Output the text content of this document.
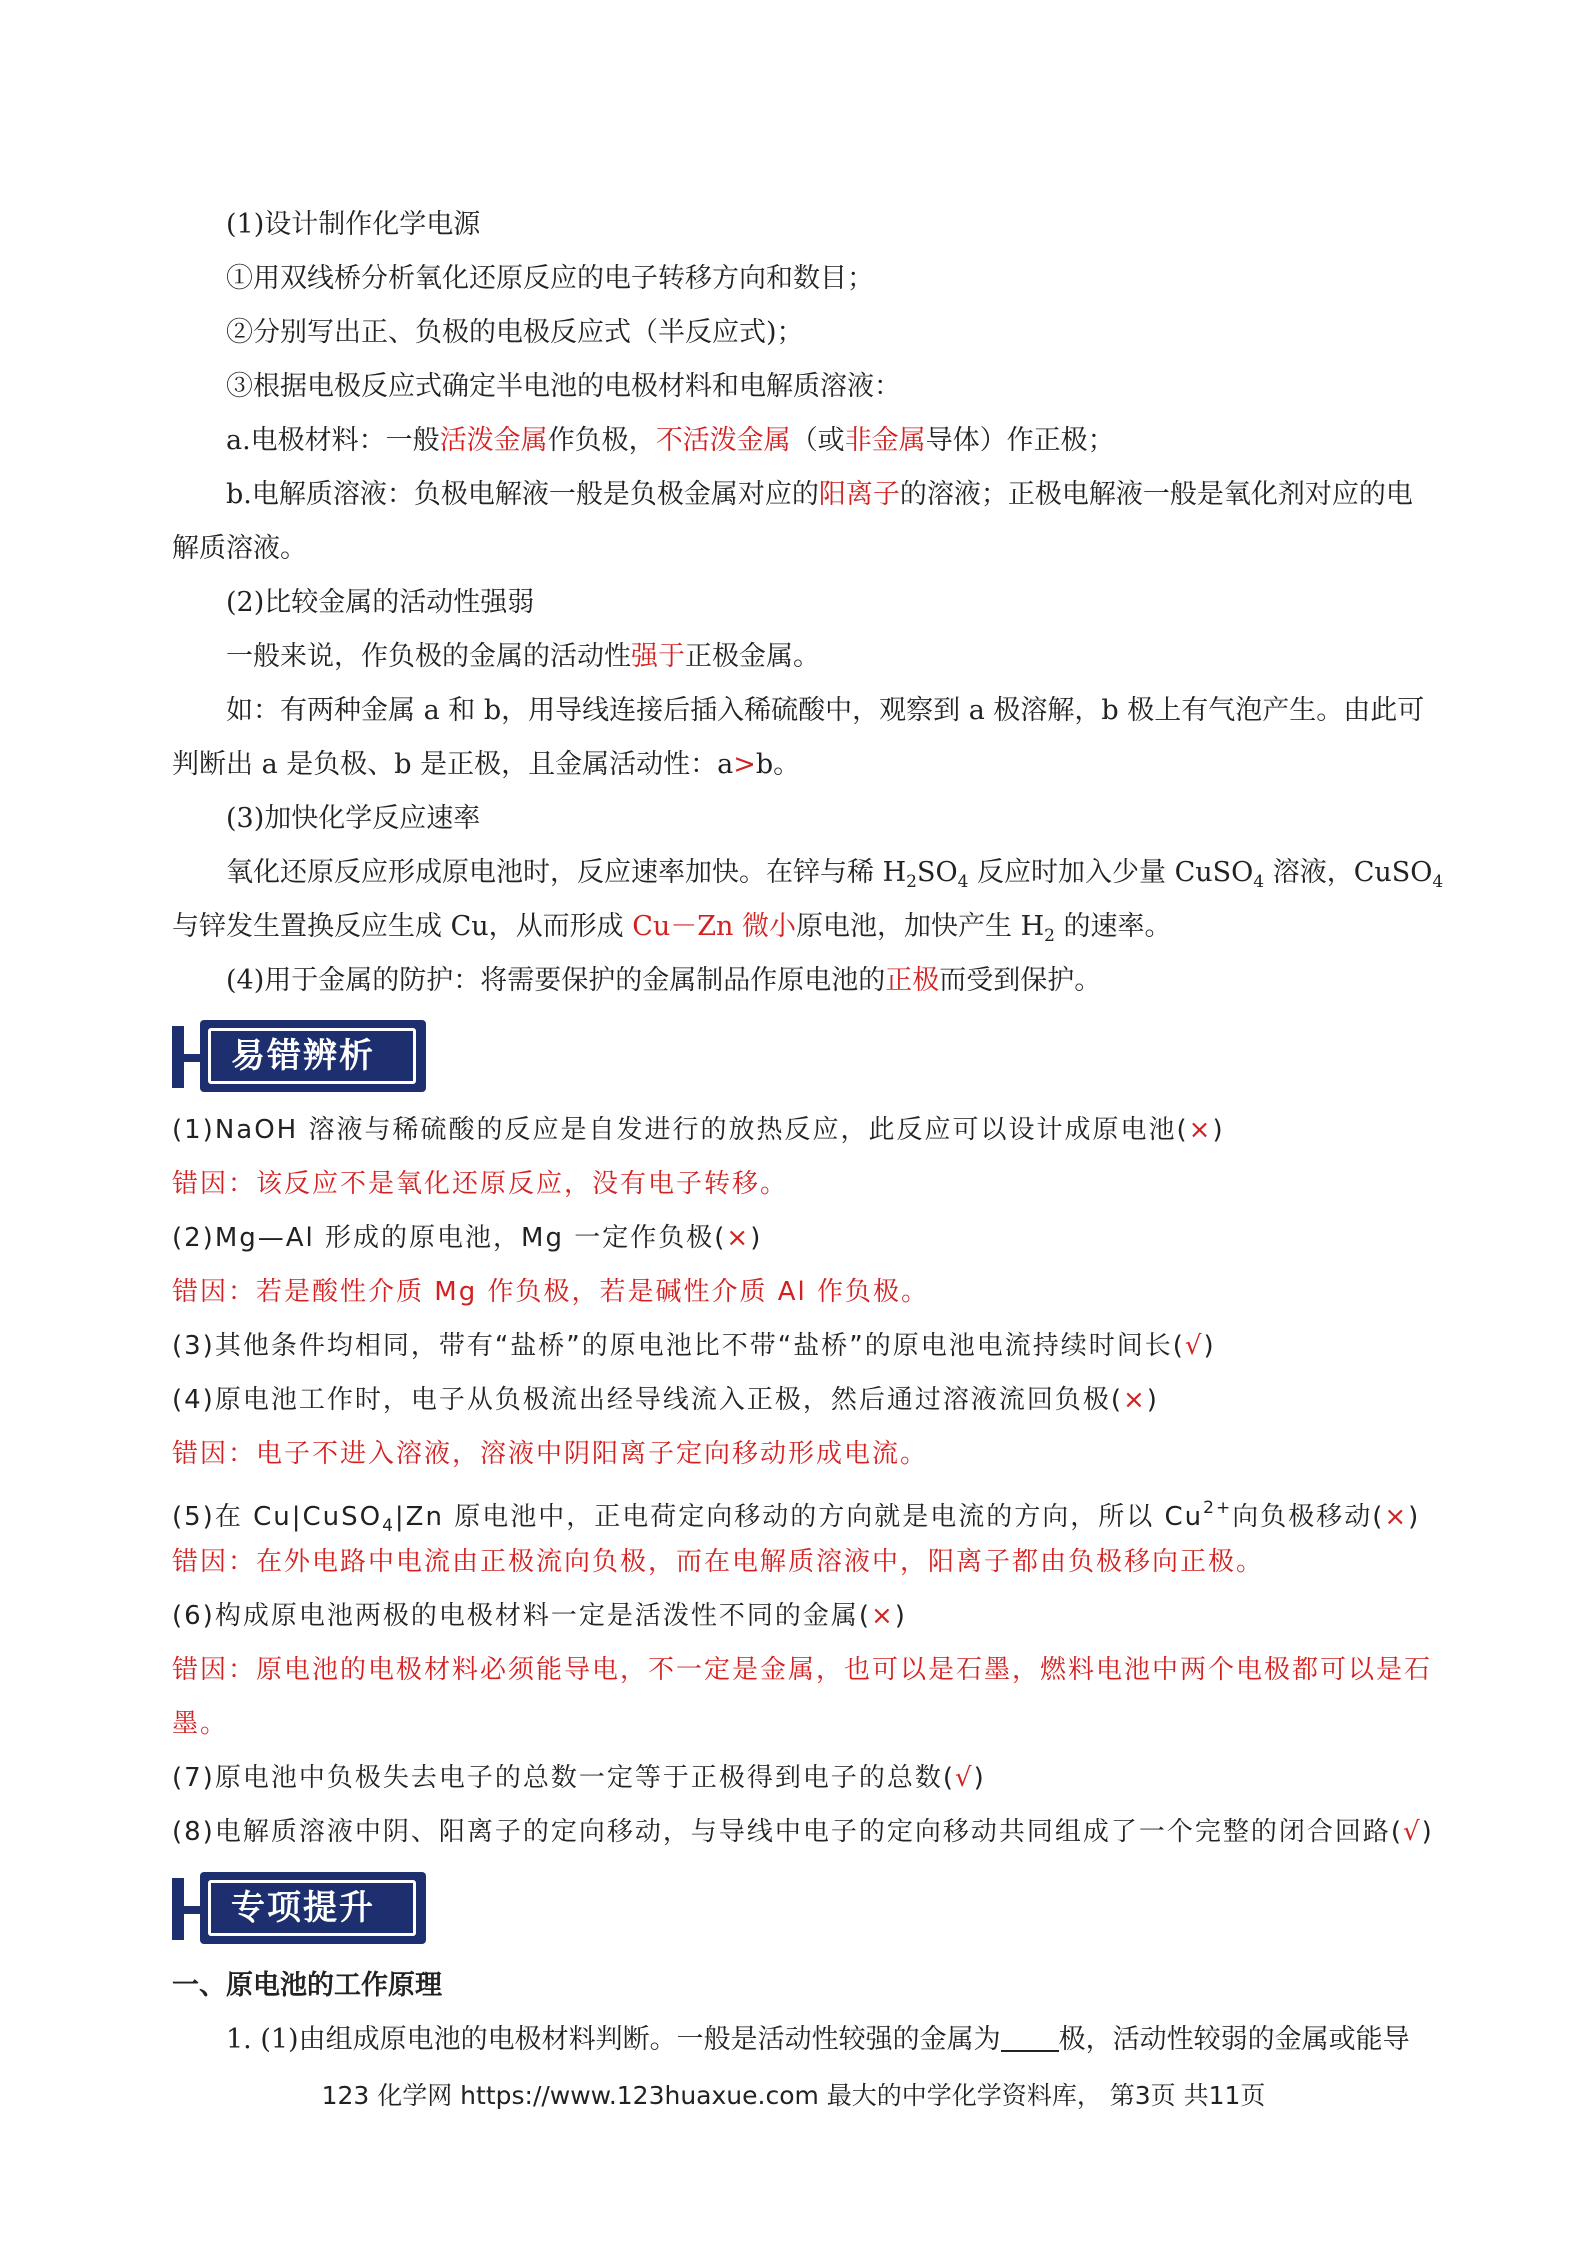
(1)设计制作化学电源
①用双线桥分析氧化还原反应的电子转移方向和数目；
②分别写出正、负极的电极反应式（半反应式)；
③根据电极反应式确定半电池的电极材料和电解质溶液：
a.电极材料：一般活泼金属作负极，不活泼金属（或非金属导体）作正极；
b.电解质溶液：负极电解液一般是负极金属对应的阳离子的溶液；正极电解液一般是氧化剂对应的电
解质溶液。
(2)比较金属的活动性强弱
一般来说，作负极的金属的活动性强于正极金属。
如：有两种金属 a 和 b，用导线连接后插入稀硫酸中，观察到 a 极溶解，b 极上有气泡产生。由此可
判断出 a 是负极、b 是正极，且金属活动性：a>b。
(3)加快化学反应速率
氧化还原反应形成原电池时，反应速率加快。在锌与稀 $H_2SO_4$ 反应时加入少量 CuSO$_4$ 溶液，CuSO$_4$
与锌发生置换反应生成 Cu，从而形成 Cu－Zn 微小原电池，加快产生 $H_2$ 的速率。
(4)用于金属的防护：将需要保护的金属制品作原电池的正极而受到保护。
易错辨析
(1)NaOH 溶液与稀硫酸的反应是自发进行的放热反应，此反应可以设计成原电池(×)
错因：该反应不是氧化还原反应，没有电子转移。
(2)Mg—Al 形成的原电池，Mg 一定作负极(×)
错因：若是酸性介质 Mg 作负极，若是碱性介质 Al 作负极。
(3)其他条件均相同，带有“盐桥”的原电池比不带“盐桥”的原电池电流持续时间长(√)
(4)原电池工作时，电子从负极流出经导线流入正极，然后通过溶液流回负极(×)
错因：电子不进入溶液，溶液中阴阳离子定向移动形成电流。
(5)在 Cu|CuSO$_4$|Zn 原电池中，正电荷定向移动的方向就是电流的方向，所以 $Cu^{2+}$向负极移动(×)
错因：在外电路中电流由正极流向负极，而在电解质溶液中，阳离子都由负极移向正极。
(6)构成原电池两极的电极材料一定是活泼性不同的金属(×)
错因：原电池的电极材料必须能导电，不一定是金属，也可以是石墨，燃料电池中两个电极都可以是石
墨。
(7)原电池中负极失去电子的总数一定等于正极得到电子的总数(√)
(8)电解质溶液中阴、阳离子的定向移动，与导线中电子的定向移动共同组成了一个完整的闭合回路(√)
专项提升
一、原电池的工作原理
1. (1)由组成原电池的电极材料判断。一般是活动性较强的金属为 极，活动性较弱的金属或能导
123 化学网 https://www.123huaxue.com 最大的中学化学资料库， 第3页 共11页
